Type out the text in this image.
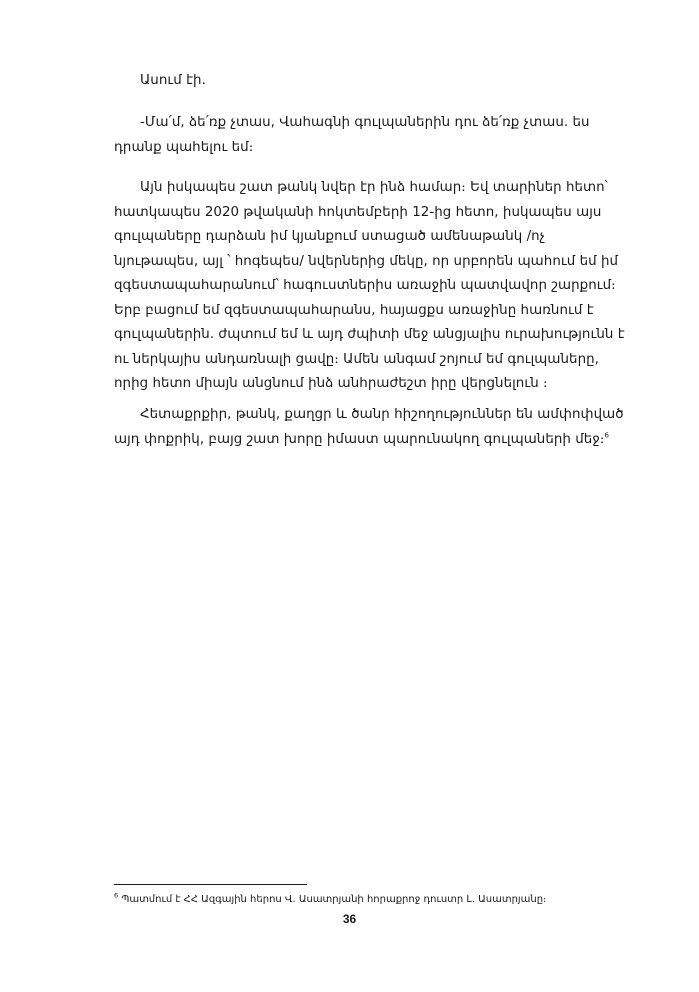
Ասում էի.

-Մա՛մ, ձե՛ռք չտաս, Վահագնի գուլպաներին դու ձե՛ռք չտաս. ես
դրանք պահելու եմ։

Այն իսկապես շատ թանկ նվեր էր ինձ համար։ Եվ տարիներ հետո՝
հատկապես 2020 թվականի հոկտեմբերի 12-ից հետո, իսկապես այս
գուլպաները դարձան իմ կյանքում ստացած ամենաթանկ /ոչ
նյութապես, այլ ՝ հոգեպես/ նվերներից մեկը, որ սրբորեն պահում եմ իմ
զգեստապահարանում՝ հագուստներիս առաջին պատվավոր շարքում։
Երբ բացում եմ զգեստապահարանս, հայացքս առաջինը հառնում է
գուլպաներին. ժպտում եմ և այդ ժպիտի մեջ անցյալիս ուրախությունն է
ու ներկայիս անդառնալի ցավը։ Ամեն անգամ շոյում եմ գուլպաները,
որից հետո միայն անցնում ինձ անհրաժեշտ իրը վերցնելուն ։

Հետաքրքիր, թանկ, քաղցր և ծանր հիշողություններ են ամփոփված
այդ փոքրիկ, բայց շատ խորը իմաստ պարունակող գուլպաների մեջ։$^6$

$^6$ Պատմում է ՀՀ Ազգային հերոս Վ. Ասատրյանի հորաքրոջ դուստր Լ. Ասատրյանը։
36
